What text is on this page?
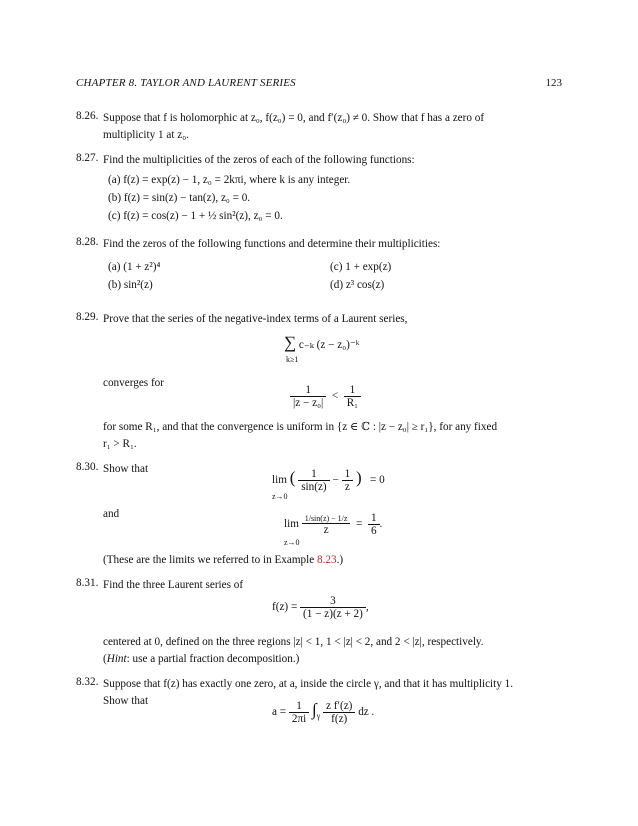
CHAPTER 8. TAYLOR AND LAURENT SERIES	123
8.26. Suppose that f is holomorphic at z₀, f(z₀) = 0, and f′(z₀) ≠ 0. Show that f has a zero of
multiplicity 1 at z₀.
8.27. Find the multiplicities of the zeros of each of the following functions:
(a) f(z) = exp(z) − 1, z₀ = 2kπi, where k is any integer.
(b) f(z) = sin(z) − tan(z), z₀ = 0.
(c) f(z) = cos(z) − 1 + ½ sin²(z), z₀ = 0.
8.28. Find the zeros of the following functions and determine their multiplicities:
(a) (1 + z²)⁴
(b) sin²(z)
(c) 1 + exp(z)
(d) z³ cos(z)
8.29. Prove that the series of the negative-index terms of a Laurent series,
∑ c₋ₖ (z − z₀)⁻ᵏ
k≥1
converges for
$\frac{1}{\text{|z − z₀|}} < \frac{1}{\text{R₁}}$
for some R₁, and that the convergence is uniform in {z ∈ ℂ : |z − z₀| ≥ r₁}, for any fixed
r₁ > R₁.
8.30. Show that
lim ( $\frac{1}{\sin(z)} - \frac{1}{z}$ ) = 0
z→0
and
$\lim \frac{1/\sin(z) - 1/z}{z} = \frac{1}{6}$ .
z→0
(These are the limits we referred to in Example 8.23.)
8.31. Find the three Laurent series of
$f(z) = \frac{3}{(1 - z)(z + 2)}$ ,
centered at 0, defined on the three regions |z| < 1, 1 < |z| < 2, and 2 < |z|, respectively.
(Hint: use a partial fraction decomposition.)
8.32. Suppose that f(z) has exactly one zero, at a, inside the circle γ, and that it has multiplicity 1.
Show that
$a = \frac{1}{2\pi i} \int_\gamma \frac{\text{z f′(z)}}{f(z)}$ dz .
